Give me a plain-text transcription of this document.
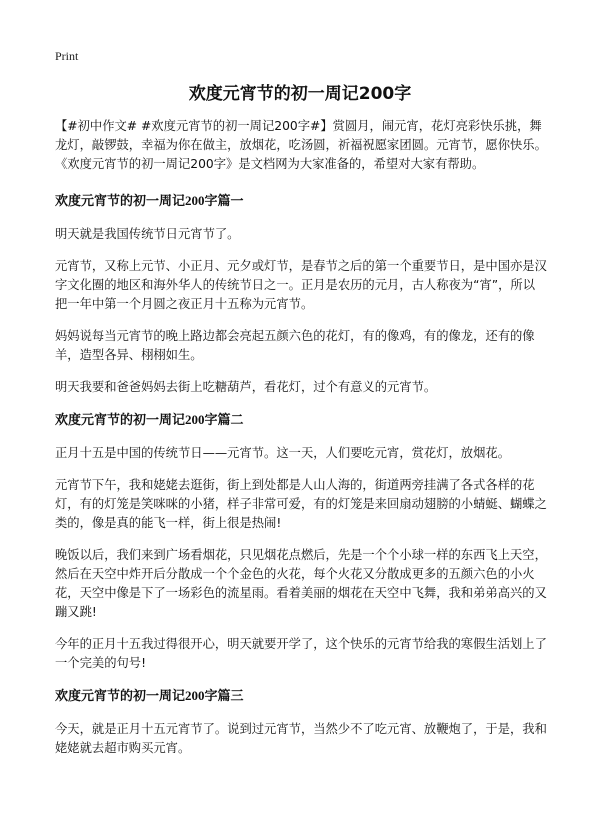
Print
欢度元宵节的初一周记200字

【#初中作文# #欢度元宵节的初一周记200字#】赏圆月，闹元宵，花灯亮彩快乐挑，舞龙灯，敲锣鼓，幸福为你在做主，放烟花，吃汤圆，祈福祝愿家团圆。元宵节，愿你快乐。《欢度元宵节的初一周记200字》是文档网为大家准备的，希望对大家有帮助。

欢度元宵节的初一周记200字篇一

明天就是我国传统节日元宵节了。

元宵节，又称上元节、小正月、元夕或灯节，是春节之后的第一个重要节日，是中国亦是汉字文化圈的地区和海外华人的传统节日之一。正月是农历的元月，古人称夜为“宵”，所以把一年中第一个月圆之夜正月十五称为元宵节。

妈妈说每当元宵节的晚上路边都会亮起五颜六色的花灯，有的像鸡，有的像龙，还有的像羊，造型各异、栩栩如生。

明天我要和爸爸妈妈去街上吃糖葫芦，看花灯，过个有意义的元宵节。

欢度元宵节的初一周记200字篇二

正月十五是中国的传统节日——元宵节。这一天，人们要吃元宵，赏花灯，放烟花。

元宵节下午，我和姥姥去逛街，街上到处都是人山人海的，街道两旁挂满了各式各样的花灯，有的灯笼是笑咪咪的小猪，样子非常可爱，有的灯笼是来回扇动翅膀的小蜻蜓、蝴蝶之类的，像是真的能飞一样，街上很是热闹!

晚饭以后，我们来到广场看烟花，只见烟花点燃后，先是一个个小球一样的东西飞上天空，然后在天空中炸开后分散成一个个金色的火花，每个火花又分散成更多的五颜六色的小火花，天空中像是下了一场彩色的流星雨。看着美丽的烟花在天空中飞舞，我和弟弟高兴的又蹦又跳!

今年的正月十五我过得很开心，明天就要开学了，这个快乐的元宵节给我的寒假生活划上了一个完美的句号!

欢度元宵节的初一周记200字篇三

今天，就是正月十五元宵节了。说到过元宵节，当然少不了吃元宵、放鞭炮了，于是，我和姥姥就去超市购买元宵。
